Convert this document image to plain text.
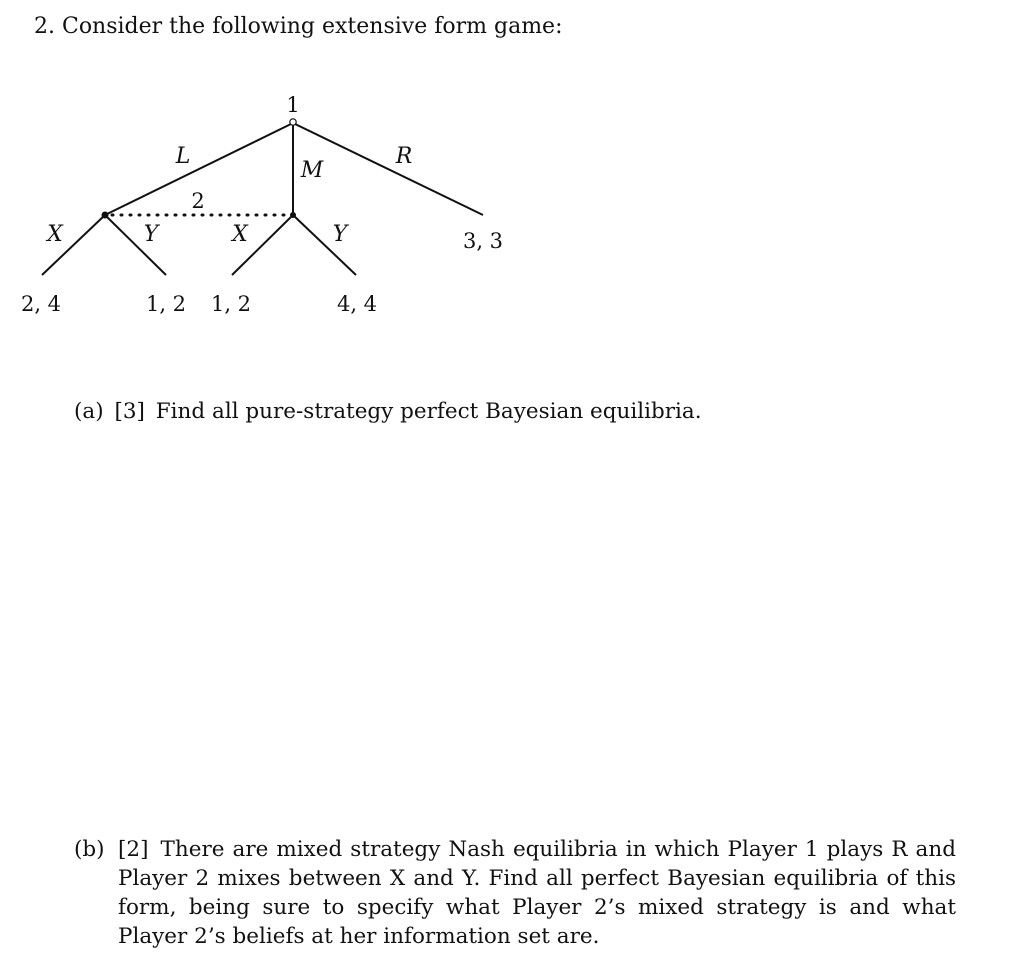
2. Consider the following extensive form game:
1
2
L
M
R
X	Y	X	Y
2, 4	1, 2 1, 2	4, 4
3, 3
(a) [3] Find all pure-strategy perfect Bayesian equilibria.
(b) [2] There are mixed strategy Nash equilibria in which Player 1 plays R and Player 2 mixes between X and Y. Find all perfect Bayesian equilibria of this form, being sure to specify what Player 2’s mixed strategy is and what Player 2’s beliefs at her information set are.
